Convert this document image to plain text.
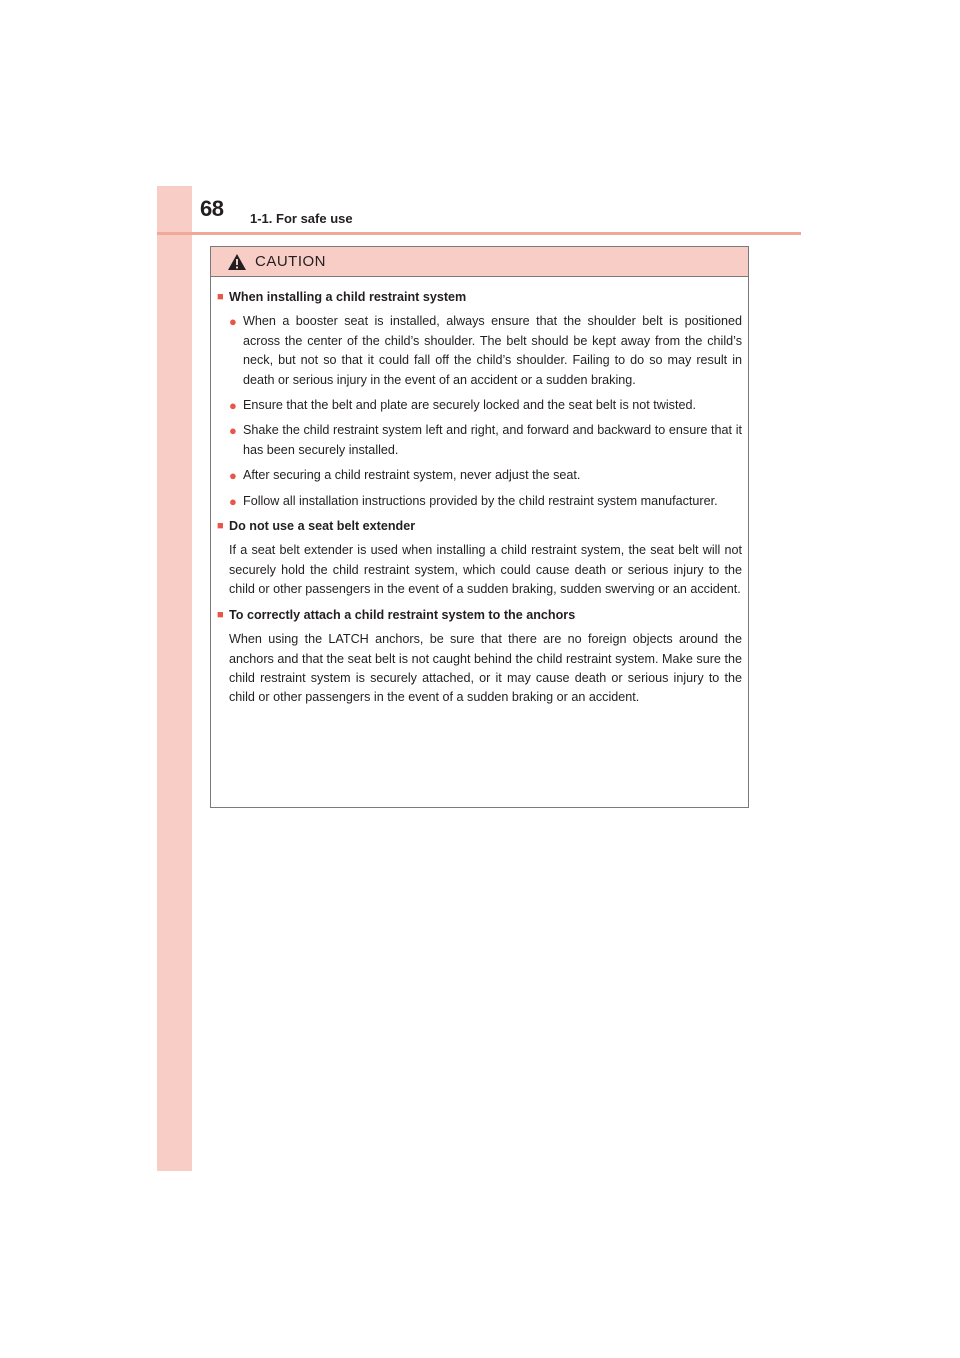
68 1-1. For safe use
CAUTION
■ When installing a child restraint system
● When a booster seat is installed, always ensure that the shoulder belt is positioned across the center of the child’s shoulder. The belt should be kept away from the child’s neck, but not so that it could fall off the child’s shoulder. Failing to do so may result in death or serious injury in the event of an accident or a sudden braking.
● Ensure that the belt and plate are securely locked and the seat belt is not twisted.
● Shake the child restraint system left and right, and forward and backward to ensure that it has been securely installed.
● After securing a child restraint system, never adjust the seat.
● Follow all installation instructions provided by the child restraint system manufacturer.
■ Do not use a seat belt extender
If a seat belt extender is used when installing a child restraint system, the seat belt will not securely hold the child restraint system, which could cause death or serious injury to the child or other passengers in the event of a sudden braking, sudden swerving or an accident.
■ To correctly attach a child restraint system to the anchors
When using the LATCH anchors, be sure that there are no foreign objects around the anchors and that the seat belt is not caught behind the child restraint system. Make sure the child restraint system is securely attached, or it may cause death or serious injury to the child or other passengers in the event of a sudden braking or an accident.
